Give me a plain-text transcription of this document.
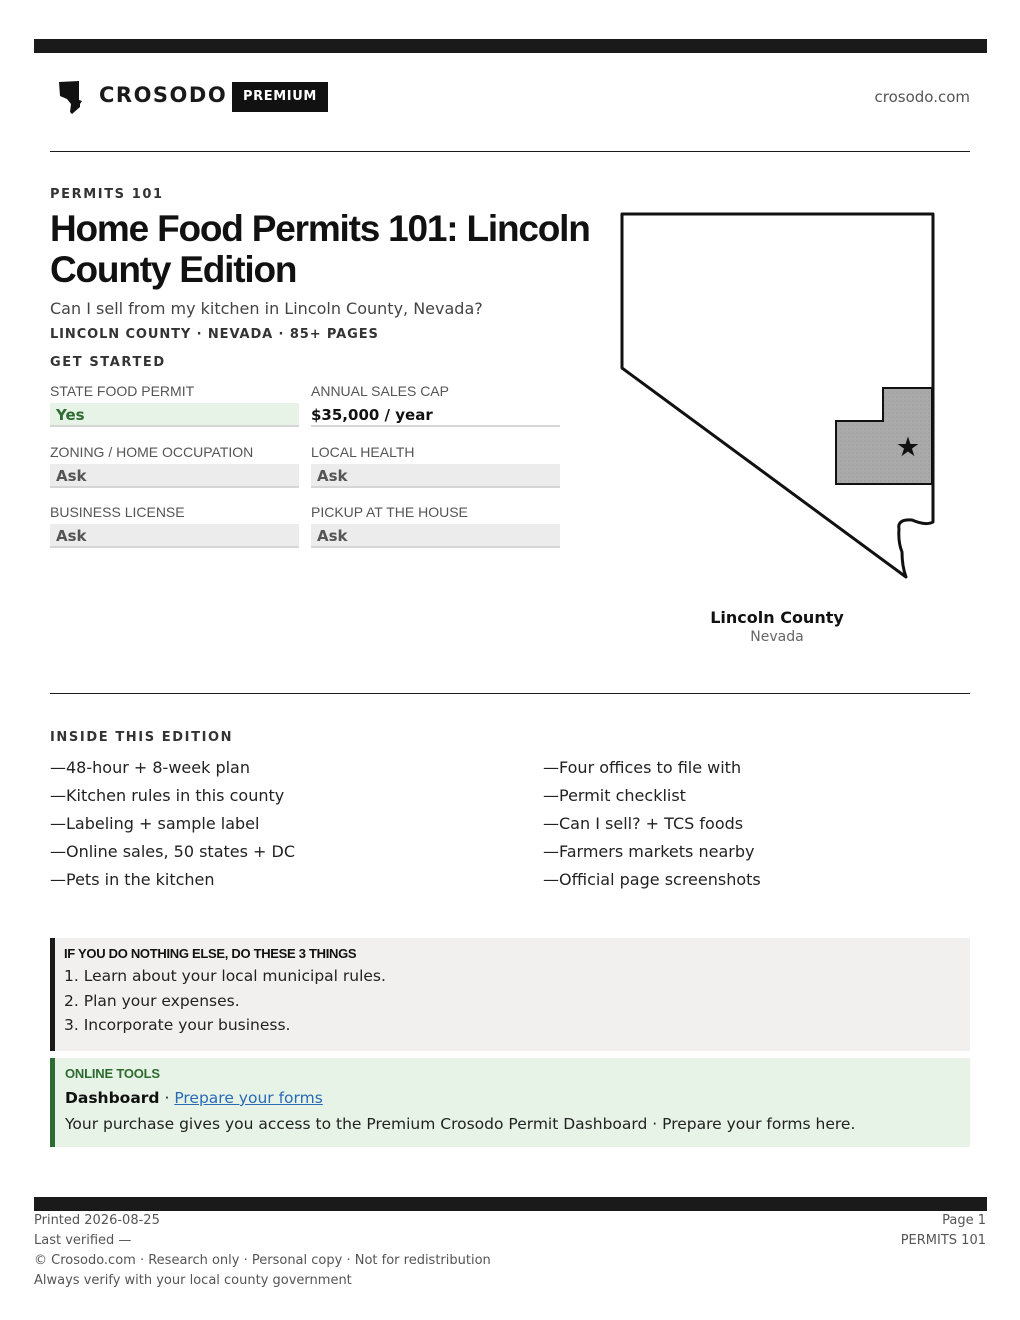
CROSODO	PREMIUM	crosodo.com
PERMITS 101
Home Food Permits 101: Lincoln County Edition

Can I sell from my kitchen in Lincoln County, Nevada?

LINCOLN COUNTY · NEVADA · 85+ PAGES
GET STARTED
STATE FOOD PERMIT
Yes
ANNUAL SALES CAP
$35,000 / year
ZONING / HOME OCCUPATION
Ask
LOCAL HEALTH
Ask
BUSINESS LICENSE
Ask
PICKUP AT THE HOUSE
Ask
★
Lincoln County
Nevada
INSIDE THIS EDITION
—48-hour + 8-week plan
—Kitchen rules in this county
—Labeling + sample label
—Online sales, 50 states + DC
—Pets in the kitchen
—Four offices to file with
—Permit checklist
—Can I sell? + TCS foods
—Farmers markets nearby
—Official page screenshots
IF YOU DO NOTHING ELSE, DO THESE 3 THINGS
1. Learn about your local municipal rules.
2. Plan your expenses.
3. Incorporate your business.
ONLINE TOOLS
Dashboard · Prepare your forms
Your purchase gives you access to the Premium Crosodo Permit Dashboard · Prepare your forms here.
Printed 2026-08-25
Last verified —
© Crosodo.com · Research only · Personal copy · Not for redistribution
Always verify with your local county government
Page 1
PERMITS 101
